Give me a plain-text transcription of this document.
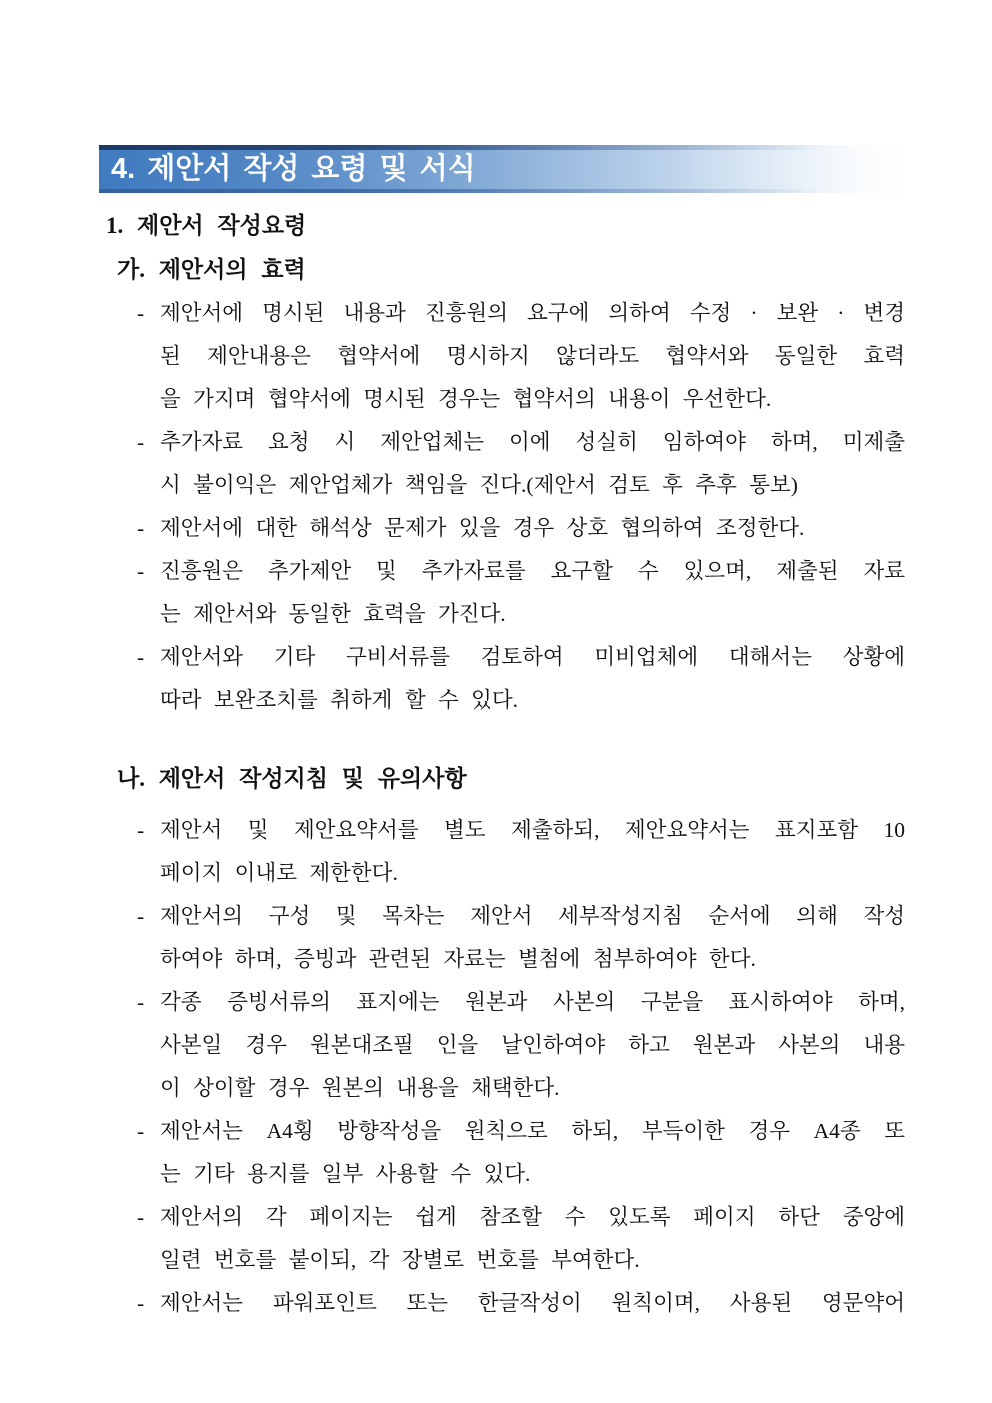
4. 제안서 작성 요령 및 서식
1. 제안서 작성요령
가. 제안서의 효력
- 제안서에 명시된 내용과 진흥원의 요구에 의하여 수정 · 보완 · 변경
된 제안내용은 협약서에 명시하지 않더라도 협약서와 동일한 효력
을 가지며 협약서에 명시된 경우는 협약서의 내용이 우선한다.
- 추가자료 요청 시 제안업체는 이에 성실히 임하여야 하며, 미제출
시 불이익은 제안업체가 책임을 진다.(제안서 검토 후 추후 통보)
- 제안서에 대한 해석상 문제가 있을 경우 상호 협의하여 조정한다.
- 진흥원은 추가제안 및 추가자료를 요구할 수 있으며, 제출된 자료
는 제안서와 동일한 효력을 가진다.
- 제안서와 기타 구비서류를 검토하여 미비업체에 대해서는 상황에
따라 보완조치를 취하게 할 수 있다.
나. 제안서 작성지침 및 유의사항
- 제안서 및 제안요약서를 별도 제출하되, 제안요약서는 표지포함 10
페이지 이내로 제한한다.
- 제안서의 구성 및 목차는 제안서 세부작성지침 순서에 의해 작성
하여야 하며, 증빙과 관련된 자료는 별첨에 첨부하여야 한다.
- 각종 증빙서류의 표지에는 원본과 사본의 구분을 표시하여야 하며,
사본일 경우 원본대조필 인을 날인하여야 하고 원본과 사본의 내용
이 상이할 경우 원본의 내용을 채택한다.
- 제안서는 A4횡 방향작성을 원칙으로 하되, 부득이한 경우 A4종 또
는 기타 용지를 일부 사용할 수 있다.
- 제안서의 각 페이지는 쉽게 참조할 수 있도록 페이지 하단 중앙에
일련 번호를 붙이되, 각 장별로 번호를 부여한다.
- 제안서는 파워포인트 또는 한글작성이 원칙이며, 사용된 영문약어
